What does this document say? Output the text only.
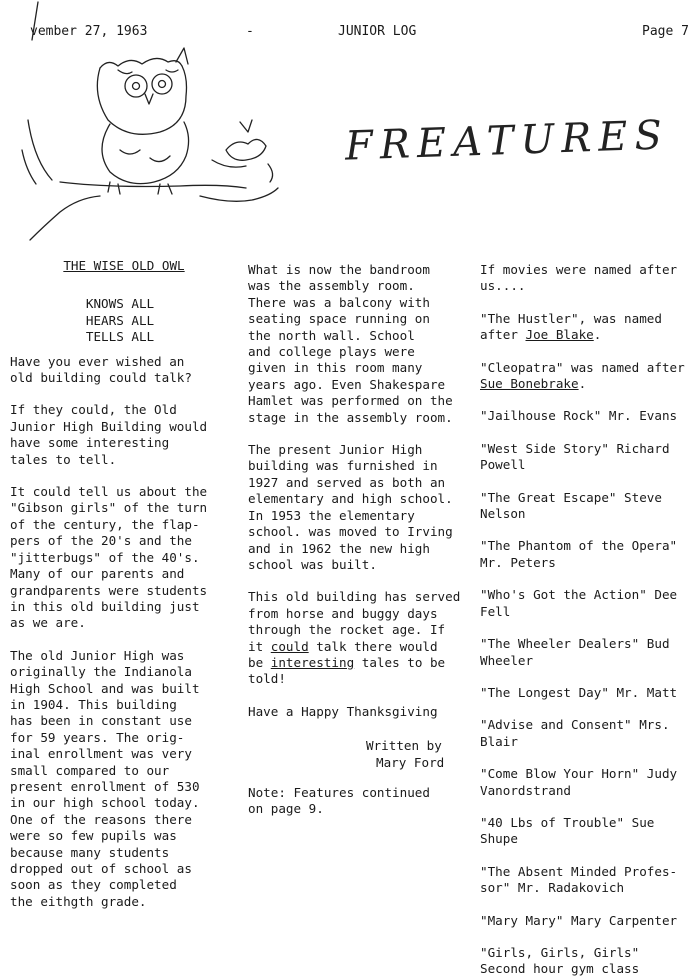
vember 27, 1963	-	JUNIOR LOG	Page 7
FREATURES

THE WISE OLD OWL

KNOWS ALL

HEARS ALL

TELLS ALL

Have you ever wished an

old building could talk?

If they could, the Old

Junior High Building would

have some interesting

tales to tell.

It could tell us about the

"Gibson girls" of the turn

of the century, the flap-

pers of the 20's and the

"jitterbugs" of the 40's.

Many of our parents and

grandparents were students

in this old building just

as we are.

The old Junior High was

originally the Indianola

High School and was built

in 1904. This building

has been in constant use

for 59 years. The orig-

inal enrollment was very

small compared to our

present enrollment of 530

in our high school today.

One of the reasons there

were so few pupils was

because many students

dropped out of school as

soon as they completed

the eithgth grade.

What is now the bandroom

was the assembly room.

There was a balcony with

seating space running on

the north wall. School

and college plays were

given in this room many

years ago. Even Shakespare

Hamlet was performed on the

stage in the assembly room.

The present Junior High

building was furnished in

1927 and served as both an

elementary and high school.

In 1953 the elementary

school. was moved to Irving

and in 1962 the new high

school was built.

This old building has served

from horse and buggy days

through the rocket age. If

it could talk there would

be interesting tales to be

told!

Have a Happy Thanksgiving

Written by

Mary Ford

Note: Features continued

on page 9.

If movies were named after

us....

"The Hustler", was named

after Joe Blake.

"Cleopatra" was named after

Sue Bonebrake.

"Jailhouse Rock" Mr. Evans

"West Side Story" Richard

Powell

"The Great Escape" Steve

Nelson

"The Phantom of the Opera"

Mr. Peters

"Who's Got the Action" Dee

Fell

"The Wheeler Dealers" Bud

Wheeler

"The Longest Day" Mr. Matt

"Advise and Consent" Mrs.

Blair

"Come Blow Your Horn" Judy

Vanordstrand

"40 Lbs of Trouble" Sue

Shupe

"The Absent Minded Profes-

sor" Mr. Radakovich

"Mary Mary" Mary Carpenter

"Girls, Girls, Girls"

Second hour gym class
